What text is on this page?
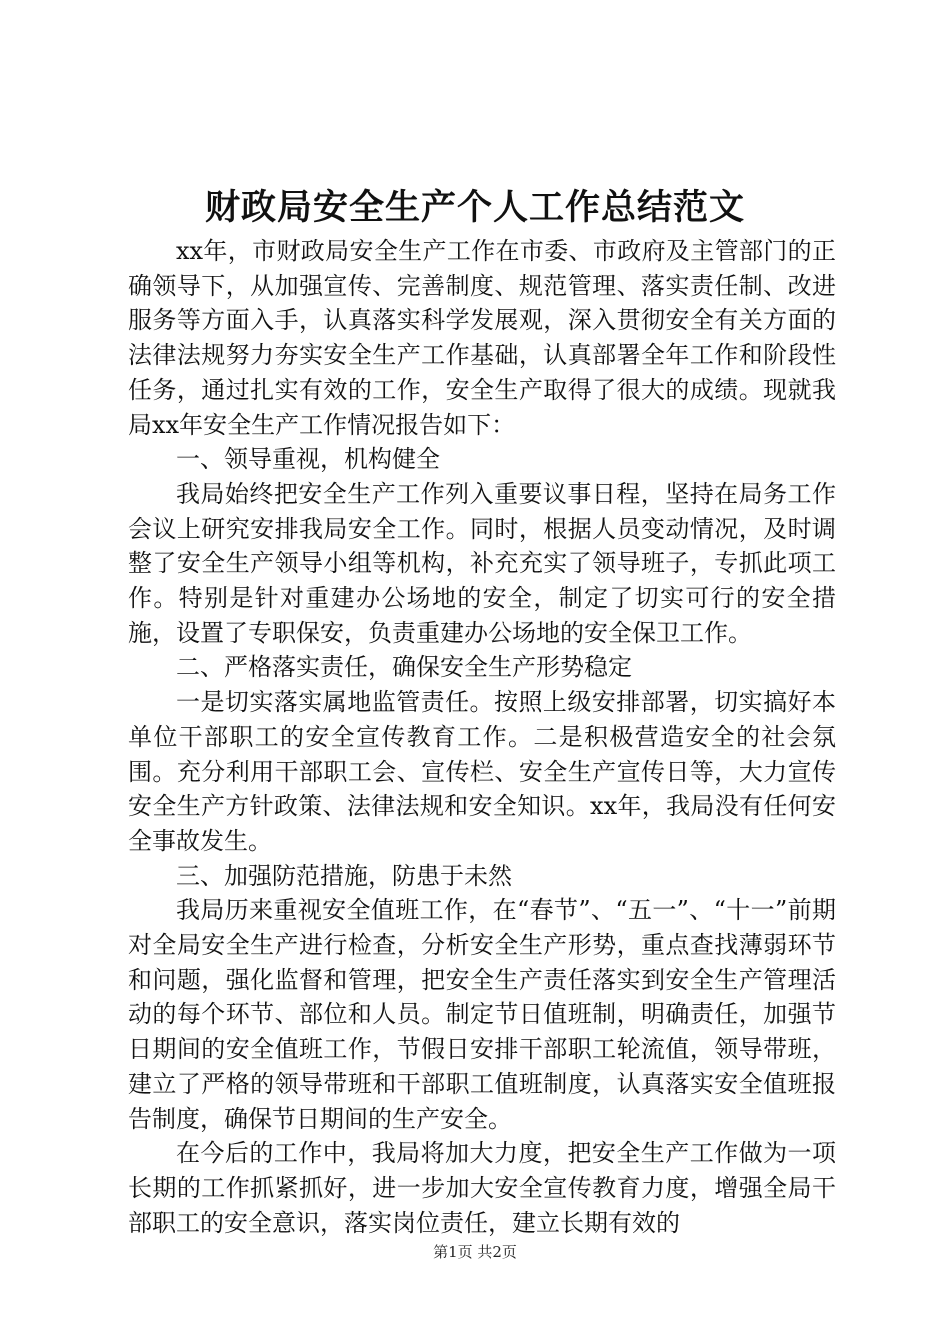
财政局安全生产个人工作总结范文

xx年，市财政局安全生产工作在市委、市政府及主管部门的正确领导下，从加强宣传、完善制度、规范管理、落实责任制、改进服务等方面入手，认真落实科学发展观，深入贯彻安全有关方面的法律法规努力夯实安全生产工作基础，认真部署全年工作和阶段性任务，通过扎实有效的工作，安全生产取得了很大的成绩。现就我局xx年安全生产工作情况报告如下：

一、领导重视，机构健全

我局始终把安全生产工作列入重要议事日程，坚持在局务工作会议上研究安排我局安全工作。同时，根据人员变动情况，及时调整了安全生产领导小组等机构，补充充实了领导班子，专抓此项工作。特别是针对重建办公场地的安全，制定了切实可行的安全措施，设置了专职保安，负责重建办公场地的安全保卫工作。

二、严格落实责任，确保安全生产形势稳定

一是切实落实属地监管责任。按照上级安排部署，切实搞好本单位干部职工的安全宣传教育工作。二是积极营造安全的社会氛围。充分利用干部职工会、宣传栏、安全生产宣传日等，大力宣传安全生产方针政策、法律法规和安全知识。xx年，我局没有任何安全事故发生。

三、加强防范措施，防患于未然

我局历来重视安全值班工作，在“春节”、“五一”、“十一”前期对全局安全生产进行检查，分析安全生产形势，重点查找薄弱环节和问题，强化监督和管理，把安全生产责任落实到安全生产管理活动的每个环节、部位和人员。制定节日值班制，明确责任，加强节日期间的安全值班工作，节假日安排干部职工轮流值，领导带班，建立了严格的领导带班和干部职工值班制度，认真落实安全值班报告制度，确保节日期间的生产安全。

在今后的工作中，我局将加大力度，把安全生产工作做为一项长期的工作抓紧抓好，进一步加大安全宣传教育力度，增强全局干部职工的安全意识，落实岗位责任，建立长期有效的

第1页 共2页
